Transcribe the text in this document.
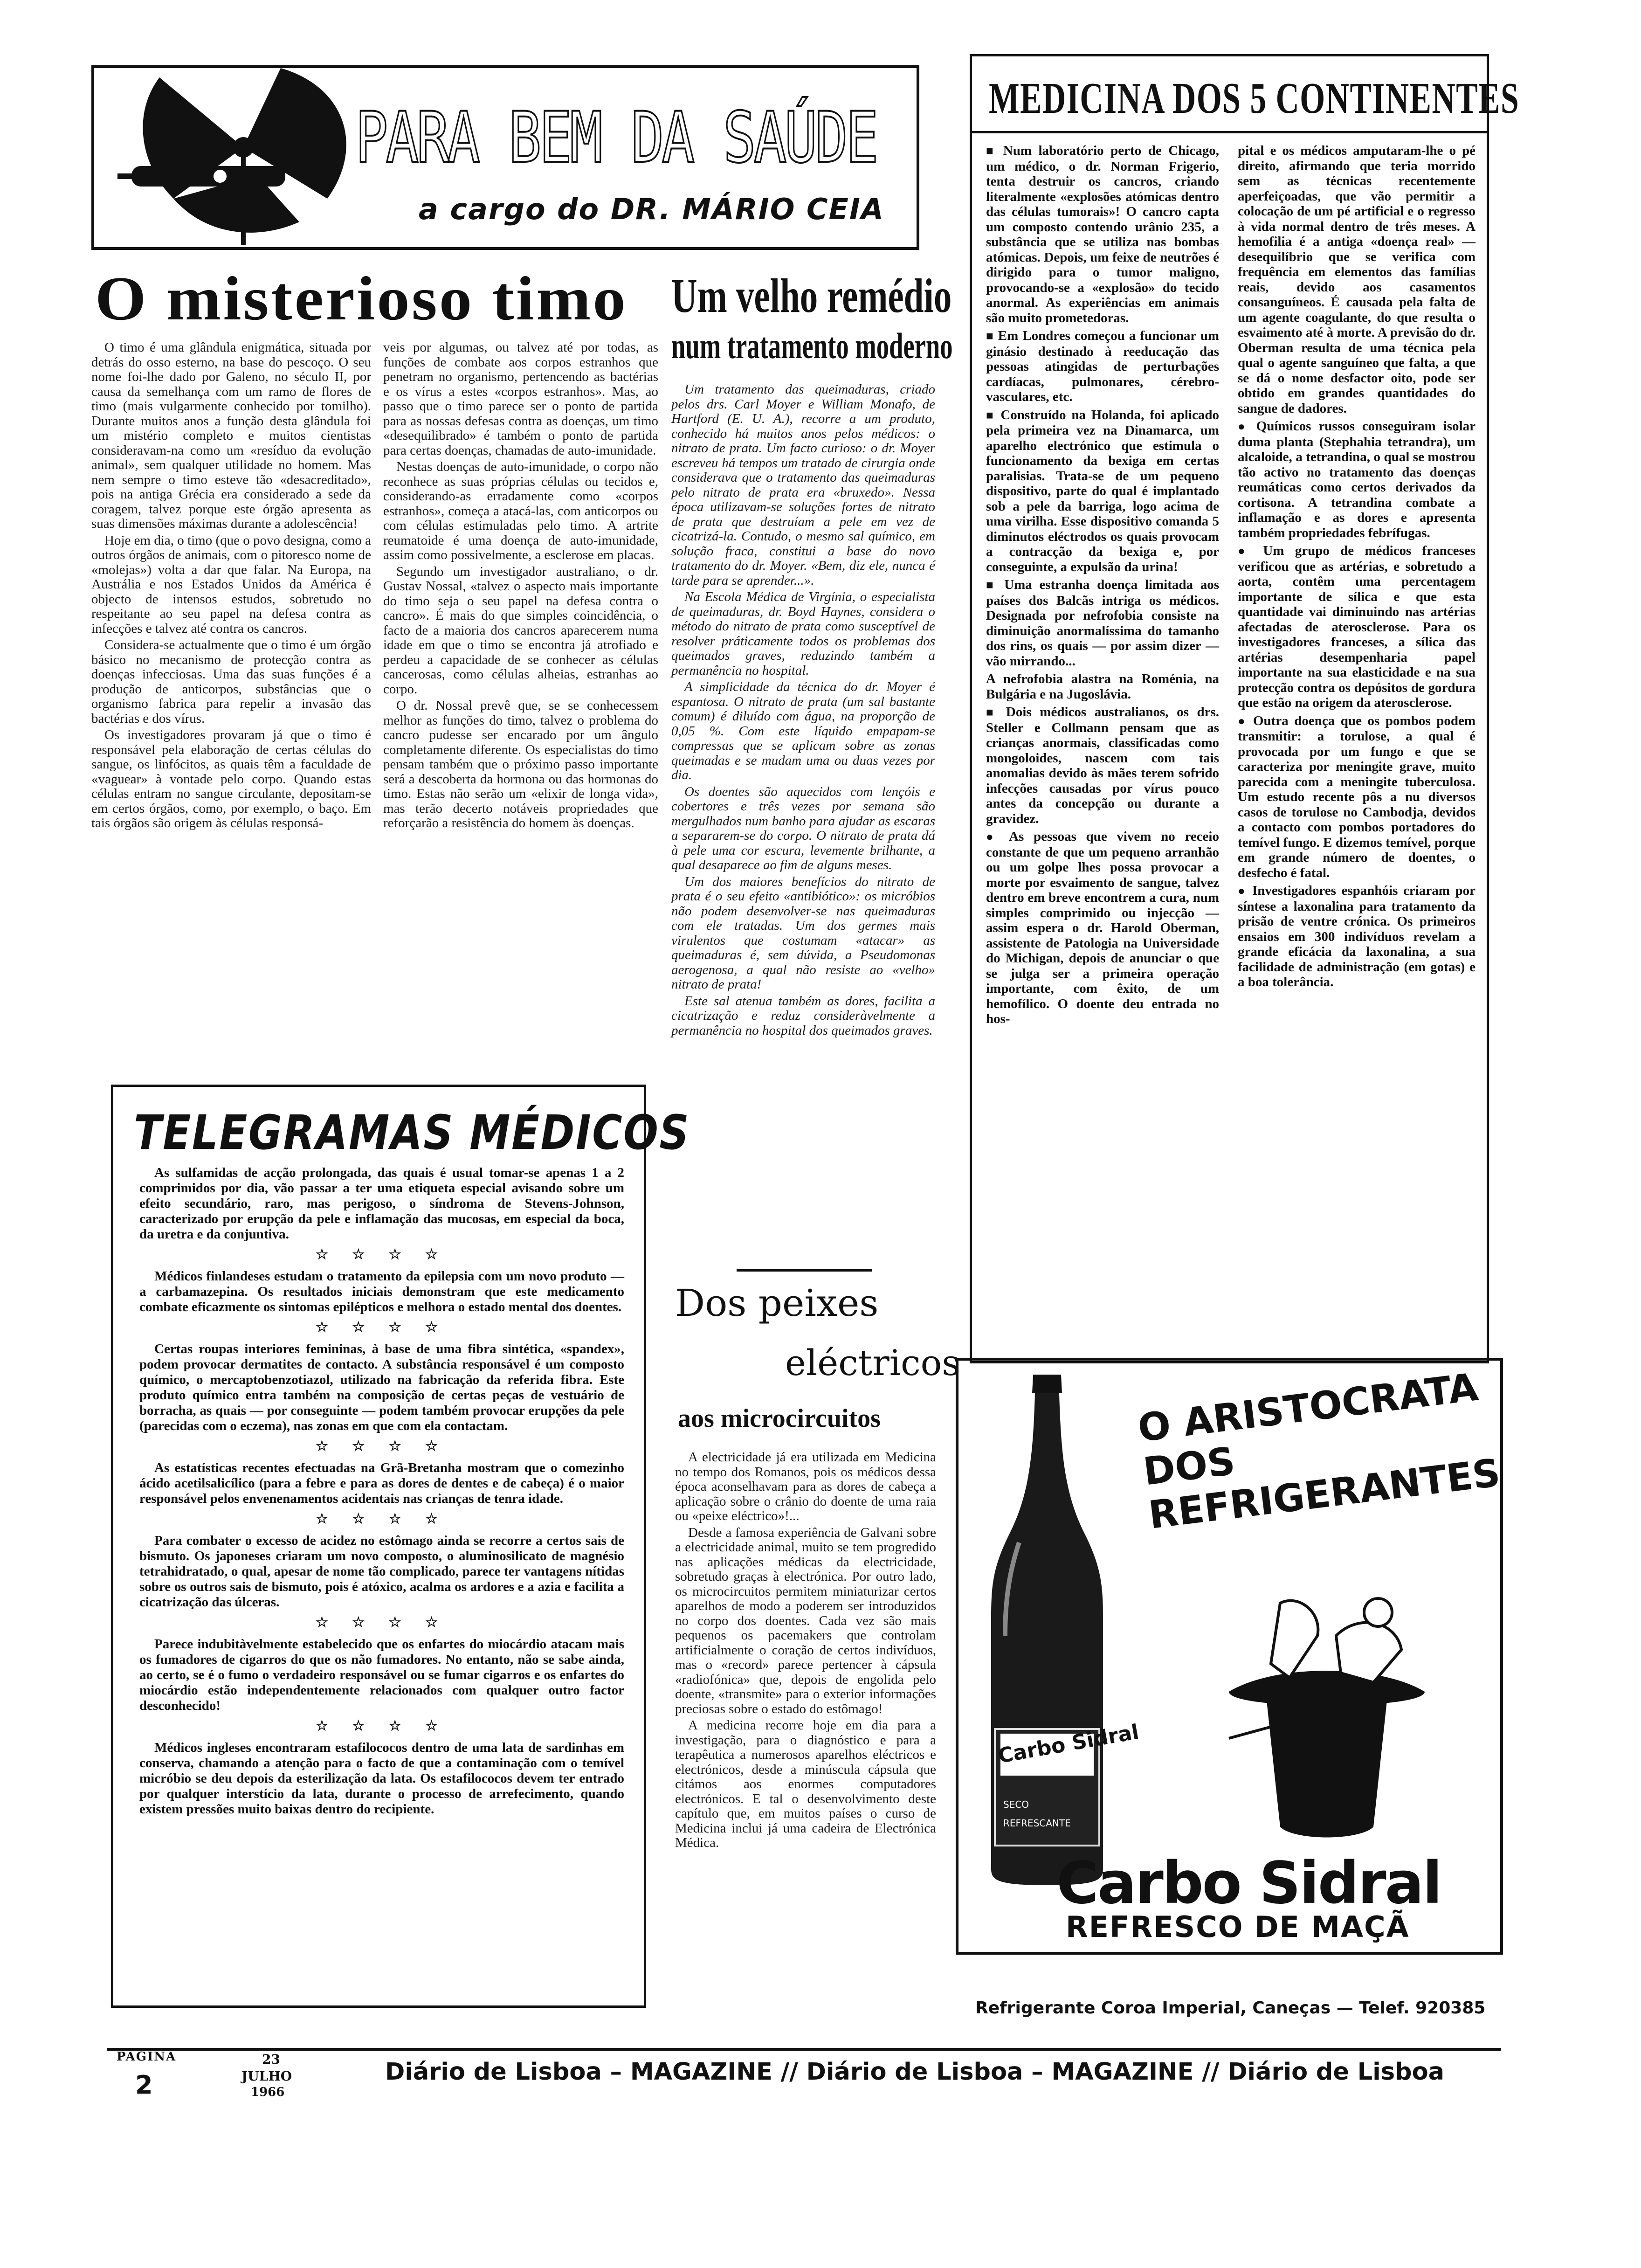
PARA BEM DA SAÚDE
a cargo do DR. MÁRIO CEIA
O misterioso timo

O timo é uma glândula enigmática, situada por detrás do osso esterno, na base do pescoço. O seu nome foi-lhe dado por Galeno, no século II, por causa da semelhança com um ramo de flores de timo (mais vulgarmente conhecido por tomilho). Durante muitos anos a função desta glândula foi um mistério completo e muitos cientistas consideravam-na como um «resíduo da evolução animal», sem qualquer utilidade no homem. Mas nem sempre o timo esteve tão «desacreditado», pois na antiga Grécia era considerado a sede da coragem, talvez porque este órgão apresenta as suas dimensões máximas durante a adolescência!

Hoje em dia, o timo (que o povo designa, como a outros órgãos de animais, com o pitoresco nome de «molejas») volta a dar que falar. Na Europa, na Austrália e nos Estados Unidos da América é objecto de intensos estudos, sobretudo no respeitante ao seu papel na defesa contra as infecções e talvez até contra os cancros.

Considera-se actualmente que o timo é um órgão básico no mecanismo de protecção contra as doenças infecciosas. Uma das suas funções é a produção de anticorpos, substâncias que o organismo fabrica para repelir a invasão das bactérias e dos vírus.

Os investigadores provaram já que o timo é responsável pela elaboração de certas células do sangue, os linfócitos, as quais têm a faculdade de «vaguear» à vontade pelo corpo. Quando estas células entram no sangue circulante, depositam-se em certos órgãos, como, por exemplo, o baço. Em tais órgãos são origem às células responsá-

veis por algumas, ou talvez até por todas, as funções de combate aos corpos estranhos que penetram no organismo, pertencendo as bactérias e os vírus a estes «corpos estranhos». Mas, ao passo que o timo parece ser o ponto de partida para as nossas defesas contra as doenças, um timo «desequilibrado» é também o ponto de partida para certas doenças, chamadas de auto-imunidade.

Nestas doenças de auto-imunidade, o corpo não reconhece as suas próprias células ou tecidos e, considerando-as erradamente como «corpos estranhos», começa a atacá-las, com anticorpos ou com células estimuladas pelo timo. A artrite reumatoide é uma doença de auto-imunidade, assim como possivelmente, a esclerose em placas.

Segundo um investigador australiano, o dr. Gustav Nossal, «talvez o aspecto mais importante do timo seja o seu papel na defesa contra o cancro». É mais do que simples coincidência, o facto de a maioria dos cancros aparecerem numa idade em que o timo se encontra já atrofiado e perdeu a capacidade de se conhecer as células cancerosas, como células alheias, estranhas ao corpo.

O dr. Nossal prevê que, se se conhecessem melhor as funções do timo, talvez o problema do cancro pudesse ser encarado por um ângulo completamente diferente. Os especialistas do timo pensam também que o próximo passo importante será a descoberta da hormona ou das hormonas do timo. Estas não serão um «elixir de longa vida», mas terão decerto notáveis propriedades que reforçarão a resistência do homem às doenças.

Um velho remédio
num tratamento moderno

Um tratamento das queimaduras, criado pelos drs. Carl Moyer e William Monafo, de Hartford (E. U. A.), recorre a um produto, conhecido há muitos anos pelos médicos: o nitrato de prata. Um facto curioso: o dr. Moyer escreveu há tempos um tratado de cirurgia onde considerava que o tratamento das queimaduras pelo nitrato de prata era «bruxedo». Nessa época utilizavam-se soluções fortes de nitrato de prata que destruíam a pele em vez de cicatrizá-la. Contudo, o mesmo sal químico, em solução fraca, constitui a base do novo tratamento do dr. Moyer. «Bem, diz ele, nunca é tarde para se aprender...».

Na Escola Médica de Virgínia, o especialista de queimaduras, dr. Boyd Haynes, considera o método do nitrato de prata como susceptível de resolver práticamente todos os problemas dos queimados graves, reduzindo também a permanência no hospital.

A simplicidade da técnica do dr. Moyer é espantosa. O nitrato de prata (um sal bastante comum) é diluído com água, na proporção de 0,05 %. Com este líquido empapam-se compressas que se aplicam sobre as zonas queimadas e se mudam uma ou duas vezes por dia.

Os doentes são aquecidos com lençóis e cobertores e três vezes por semana são mergulhados num banho para ajudar as escaras a separarem-se do corpo. O nitrato de prata dá à pele uma cor escura, levemente brilhante, a qual desaparece ao fim de alguns meses.

Um dos maiores benefícios do nitrato de prata é o seu efeito «antibiótico»: os micróbios não podem desenvolver-se nas queimaduras com ele tratadas. Um dos germes mais virulentos que costumam «atacar» as queimaduras é, sem dúvida, a Pseudomonas aerogenosa, a qual não resiste ao «velho» nitrato de prata!

Este sal atenua também as dores, facilita a cicatrização e reduz consideràvelmente a permanência no hospital dos queimados graves.

TELEGRAMAS MÉDICOS

As sulfamidas de acção prolongada, das quais é usual tomar-se apenas 1 a 2 comprimidos por dia, vão passar a ter uma etiqueta especial avisando sobre um efeito secundário, raro, mas perigoso, o síndroma de Stevens-Johnson, caracterizado por erupção da pele e inflamação das mucosas, em especial da boca, da uretra e da conjuntiva.

☆ ☆ ☆ ☆

Médicos finlandeses estudam o tratamento da epilepsia com um novo produto — a carbamazepina. Os resultados iniciais demonstram que este medicamento combate eficazmente os sintomas epilépticos e melhora o estado mental dos doentes.

☆ ☆ ☆ ☆

Certas roupas interiores femininas, à base de uma fibra sintética, «spandex», podem provocar dermatites de contacto. A substância responsável é um composto químico, o mercaptobenzotiazol, utilizado na fabricação da referida fibra. Este produto químico entra também na composição de certas peças de vestuário de borracha, as quais — por conseguinte — podem também provocar erupções da pele (parecidas com o eczema), nas zonas em que com ela contactam.

☆ ☆ ☆ ☆

As estatísticas recentes efectuadas na Grã-Bretanha mostram que o comezinho ácido acetilsalicílico (para a febre e para as dores de dentes e de cabeça) é o maior responsável pelos envenenamentos acidentais nas crianças de tenra idade.

☆ ☆ ☆ ☆

Para combater o excesso de acidez no estômago ainda se recorre a certos sais de bismuto. Os japoneses criaram um novo composto, o aluminosilicato de magnésio tetrahidratado, o qual, apesar de nome tão complicado, parece ter vantagens nítidas sobre os outros sais de bismuto, pois é atóxico, acalma os ardores e a azia e facilita a cicatrização das úlceras.

☆ ☆ ☆ ☆

Parece indubitàvelmente estabelecido que os enfartes do miocárdio atacam mais os fumadores de cigarros do que os não fumadores. No entanto, não se sabe ainda, ao certo, se é o fumo o verdadeiro responsável ou se fumar cigarros e os enfartes do miocárdio estão independentemente relacionados com qualquer outro factor desconhecido!

☆ ☆ ☆ ☆

Médicos ingleses encontraram estafilococos dentro de uma lata de sardinhas em conserva, chamando a atenção para o facto de que a contaminação com o temível micróbio se deu depois da esterilização da lata. Os estafilococos devem ter entrado por qualquer interstício da lata, durante o processo de arrefecimento, quando existem pressões muito baixas dentro do recipiente.

Dos peixes
eléctricos
aos microcircuitos

A electricidade já era utilizada em Medicina no tempo dos Romanos, pois os médicos dessa época aconselhavam para as dores de cabeça a aplicação sobre o crânio do doente de uma raia ou «peixe eléctrico»!...

Desde a famosa experiência de Galvani sobre a electricidade animal, muito se tem progredido nas aplicações médicas da electricidade, sobretudo graças à electrónica. Por outro lado, os microcircuitos permitem miniaturizar certos aparelhos de modo a poderem ser introduzidos no corpo dos doentes. Cada vez são mais pequenos os pacemakers que controlam artificialmente o coração de certos indivíduos, mas o «record» parece pertencer à cápsula «radiofónica» que, depois de engolida pelo doente, «transmite» para o exterior informações preciosas sobre o estado do estômago!

A medicina recorre hoje em dia para a investigação, para o diagnóstico e para a terapêutica a numerosos aparelhos eléctricos e electrónicos, desde a minúscula cápsula que citámos aos enormes computadores electrónicos. E tal o desenvolvimento deste capítulo que, em muitos países o curso de Medicina inclui já uma cadeira de Electrónica Médica.

MEDICINA DOS 5 CONTINENTES

■ Num laboratório perto de Chicago, um médico, o dr. Norman Frigerio, tenta destruir os cancros, criando literalmente «explosões atómicas dentro das células tumorais»! O cancro capta um composto contendo urânio 235, a substância que se utiliza nas bombas atómicas. Depois, um feixe de neutrões é dirigido para o tumor maligno, provocando-se a «explosão» do tecido anormal. As experiências em animais são muito prometedoras.

■ Em Londres começou a funcionar um ginásio destinado à reeducação das pessoas atingidas de perturbações cardíacas, pulmonares, cérebro-vasculares, etc.

■ Construído na Holanda, foi aplicado pela primeira vez na Dinamarca, um aparelho electrónico que estimula o funcionamento da bexiga em certas paralisias. Trata-se de um pequeno dispositivo, parte do qual é implantado sob a pele da barriga, logo acima de uma virilha. Esse dispositivo comanda 5 diminutos eléctrodos os quais provocam a contracção da bexiga e, por conseguinte, a expulsão da urina!

■ Uma estranha doença limitada aos países dos Balcãs intriga os médicos. Designada por nefrofobia consiste na diminuição anormalíssima do tamanho dos rins, os quais — por assim dizer — vão mirrando...

A nefrofobia alastra na Roménia, na Bulgária e na Jugoslávia.

■ Dois médicos australianos, os drs. Steller e Collmann pensam que as crianças anormais, classificadas como mongoloides, nascem com tais anomalias devido às mães terem sofrido infecções causadas por vírus pouco antes da concepção ou durante a gravidez.

● As pessoas que vivem no receio constante de que um pequeno arranhão ou um golpe lhes possa provocar a morte por esvaimento de sangue, talvez dentro em breve encontrem a cura, num simples comprimido ou injecção — assim espera o dr. Harold Oberman, assistente de Patologia na Universidade do Michigan, depois de anunciar o que se julga ser a primeira operação importante, com êxito, de um hemofílico. O doente deu entrada no hos-

pital e os médicos amputaram-lhe o pé direito, afirmando que teria morrido sem as técnicas recentemente aperfeiçoadas, que vão permitir a colocação de um pé artificial e o regresso à vida normal dentro de três meses. A hemofilia é a antiga «doença real» — desequilíbrio que se verifica com frequência em elementos das famílias reais, devido aos casamentos consanguíneos. É causada pela falta de um agente coagulante, do que resulta o esvaimento até à morte. A previsão do dr. Oberman resulta de uma técnica pela qual o agente sanguíneo que falta, a que se dá o nome desfactor oito, pode ser obtido em grandes quantidades do sangue de dadores.

● Químicos russos conseguiram isolar duma planta (Stephahia tetrandra), um alcaloide, a tetrandina, o qual se mostrou tão activo no tratamento das doenças reumáticas como certos derivados da cortisona. A tetrandina combate a inflamação e as dores e apresenta também propriedades febrífugas.

● Um grupo de médicos franceses verificou que as artérias, e sobretudo a aorta, contêm uma percentagem importante de sílica e que esta quantidade vai diminuindo nas artérias afectadas de aterosclerose. Para os investigadores franceses, a sílica das artérias desempenharia papel importante na sua elasticidade e na sua protecção contra os depósitos de gordura que estão na origem da aterosclerose.

● Outra doença que os pombos podem transmitir: a torulose, a qual é provocada por um fungo e que se caracteriza por meningite grave, muito parecida com a meningite tuberculosa. Um estudo recente pôs a nu diversos casos de torulose no Cambodja, devidos a contacto com pombos portadores do temível fungo. E dizemos temível, porque em grande número de doentes, o desfecho é fatal.

● Investigadores espanhóis criaram por síntese a laxonalina para tratamento da prisão de ventre crónica. Os primeiros ensaios em 300 indivíduos revelam a grande eficácia da laxonalina, a sua facilidade de administração (em gotas) e a boa tolerância.

O ARISTOCRATA DOS REFRIGERANTES
Carbo Sidral
SECO
REFRESCANTE
Carbo Sidral
REFRESCO DE MAÇÃ
Refrigerante Coroa Imperial, Caneças — Telef. 920385
PAGINA
2
23
JULHO
1966
Diário de Lisboa – MAGAZINE // Diário de Lisboa – MAGAZINE // Diário de Lisboa
